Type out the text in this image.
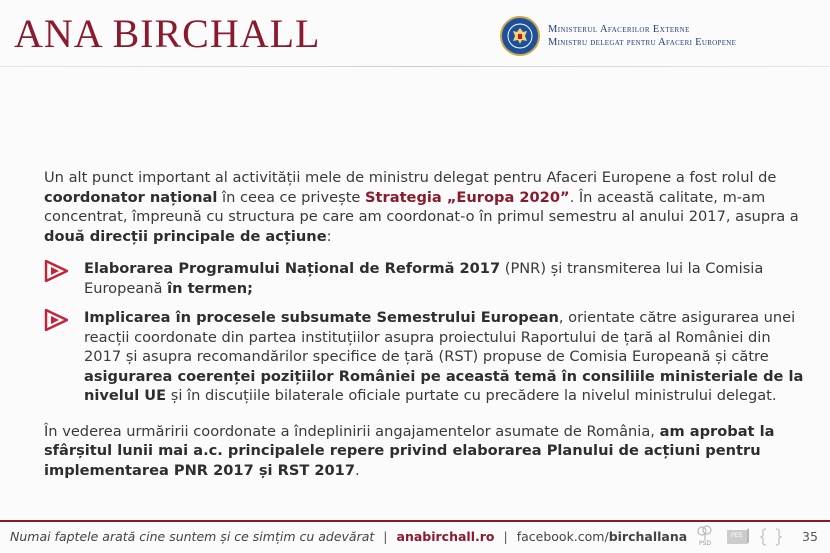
ANA BIRCHALL	Ministerul Afacerilor Externe
Ministru delegat pentru Afaceri Europene

Un alt punct important al activității mele de ministru delegat pentru Afaceri Europene a fost rolul de coordonator național în ceea ce privește Strategia „Europa 2020”. În această calitate, m-am concentrat, împreună cu structura pe care am coordonat-o în primul semestru al anului 2017, asupra a două direcții principale de acțiune:

Elaborarea Programului Național de Reformă 2017 (PNR) și transmiterea lui la Comisia Europeană în termen;
Implicarea în procesele subsumate Semestrului European, orientate către asigurarea unei reacții coordonate din partea instituțiilor asupra proiectului Raportului de țară al României din 2017 și asupra recomandărilor specifice de țară (RST) propuse de Comisia Europeană și către asigurarea coerenței pozițiilor României pe această temă în consiliile ministeriale de la nivelul UE și în discuțiile bilaterale oficiale purtate cu precădere la nivelul ministrului delegat.

În vederea urmăririi coordonate a îndeplinirii angajamentelor asumate de România, am aprobat la sfârșitul lunii mai a.c. principalele repere privind elaborarea Planului de acțiuni pentru implementarea PNR 2017 și RST 2017.

Numai faptele arată cine suntem și ce simțim cu adevărat | anabirchall.ro | facebook.com/birchallana PSD
PES	35
